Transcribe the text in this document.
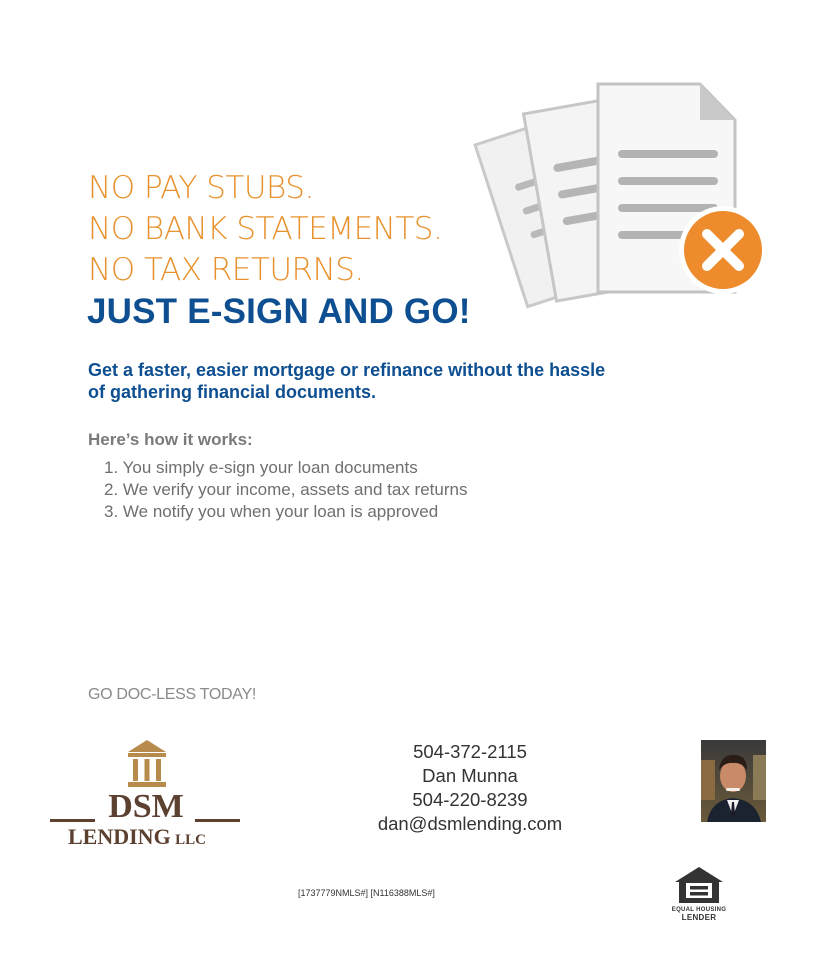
NO PAY STUBS.
NO BANK STATEMENTS.
NO TAX RETURNS.
JUST E-SIGN AND GO!
Get a faster, easier mortgage or refinance without the hassle
of gathering financial documents.
Here’s how it works:
1. You simply e-sign your loan documents
2. We verify your income, assets and tax returns
3. We notify you when your loan is approved
GO DOC-LESS TODAY!
DSM
LENDING LLC
504-372-2115
Dan Munna
504-220-8239
dan@dsmlending.com
[1737779NMLS#] [N116388MLS#]
EQUAL HOUSING
LENDER
